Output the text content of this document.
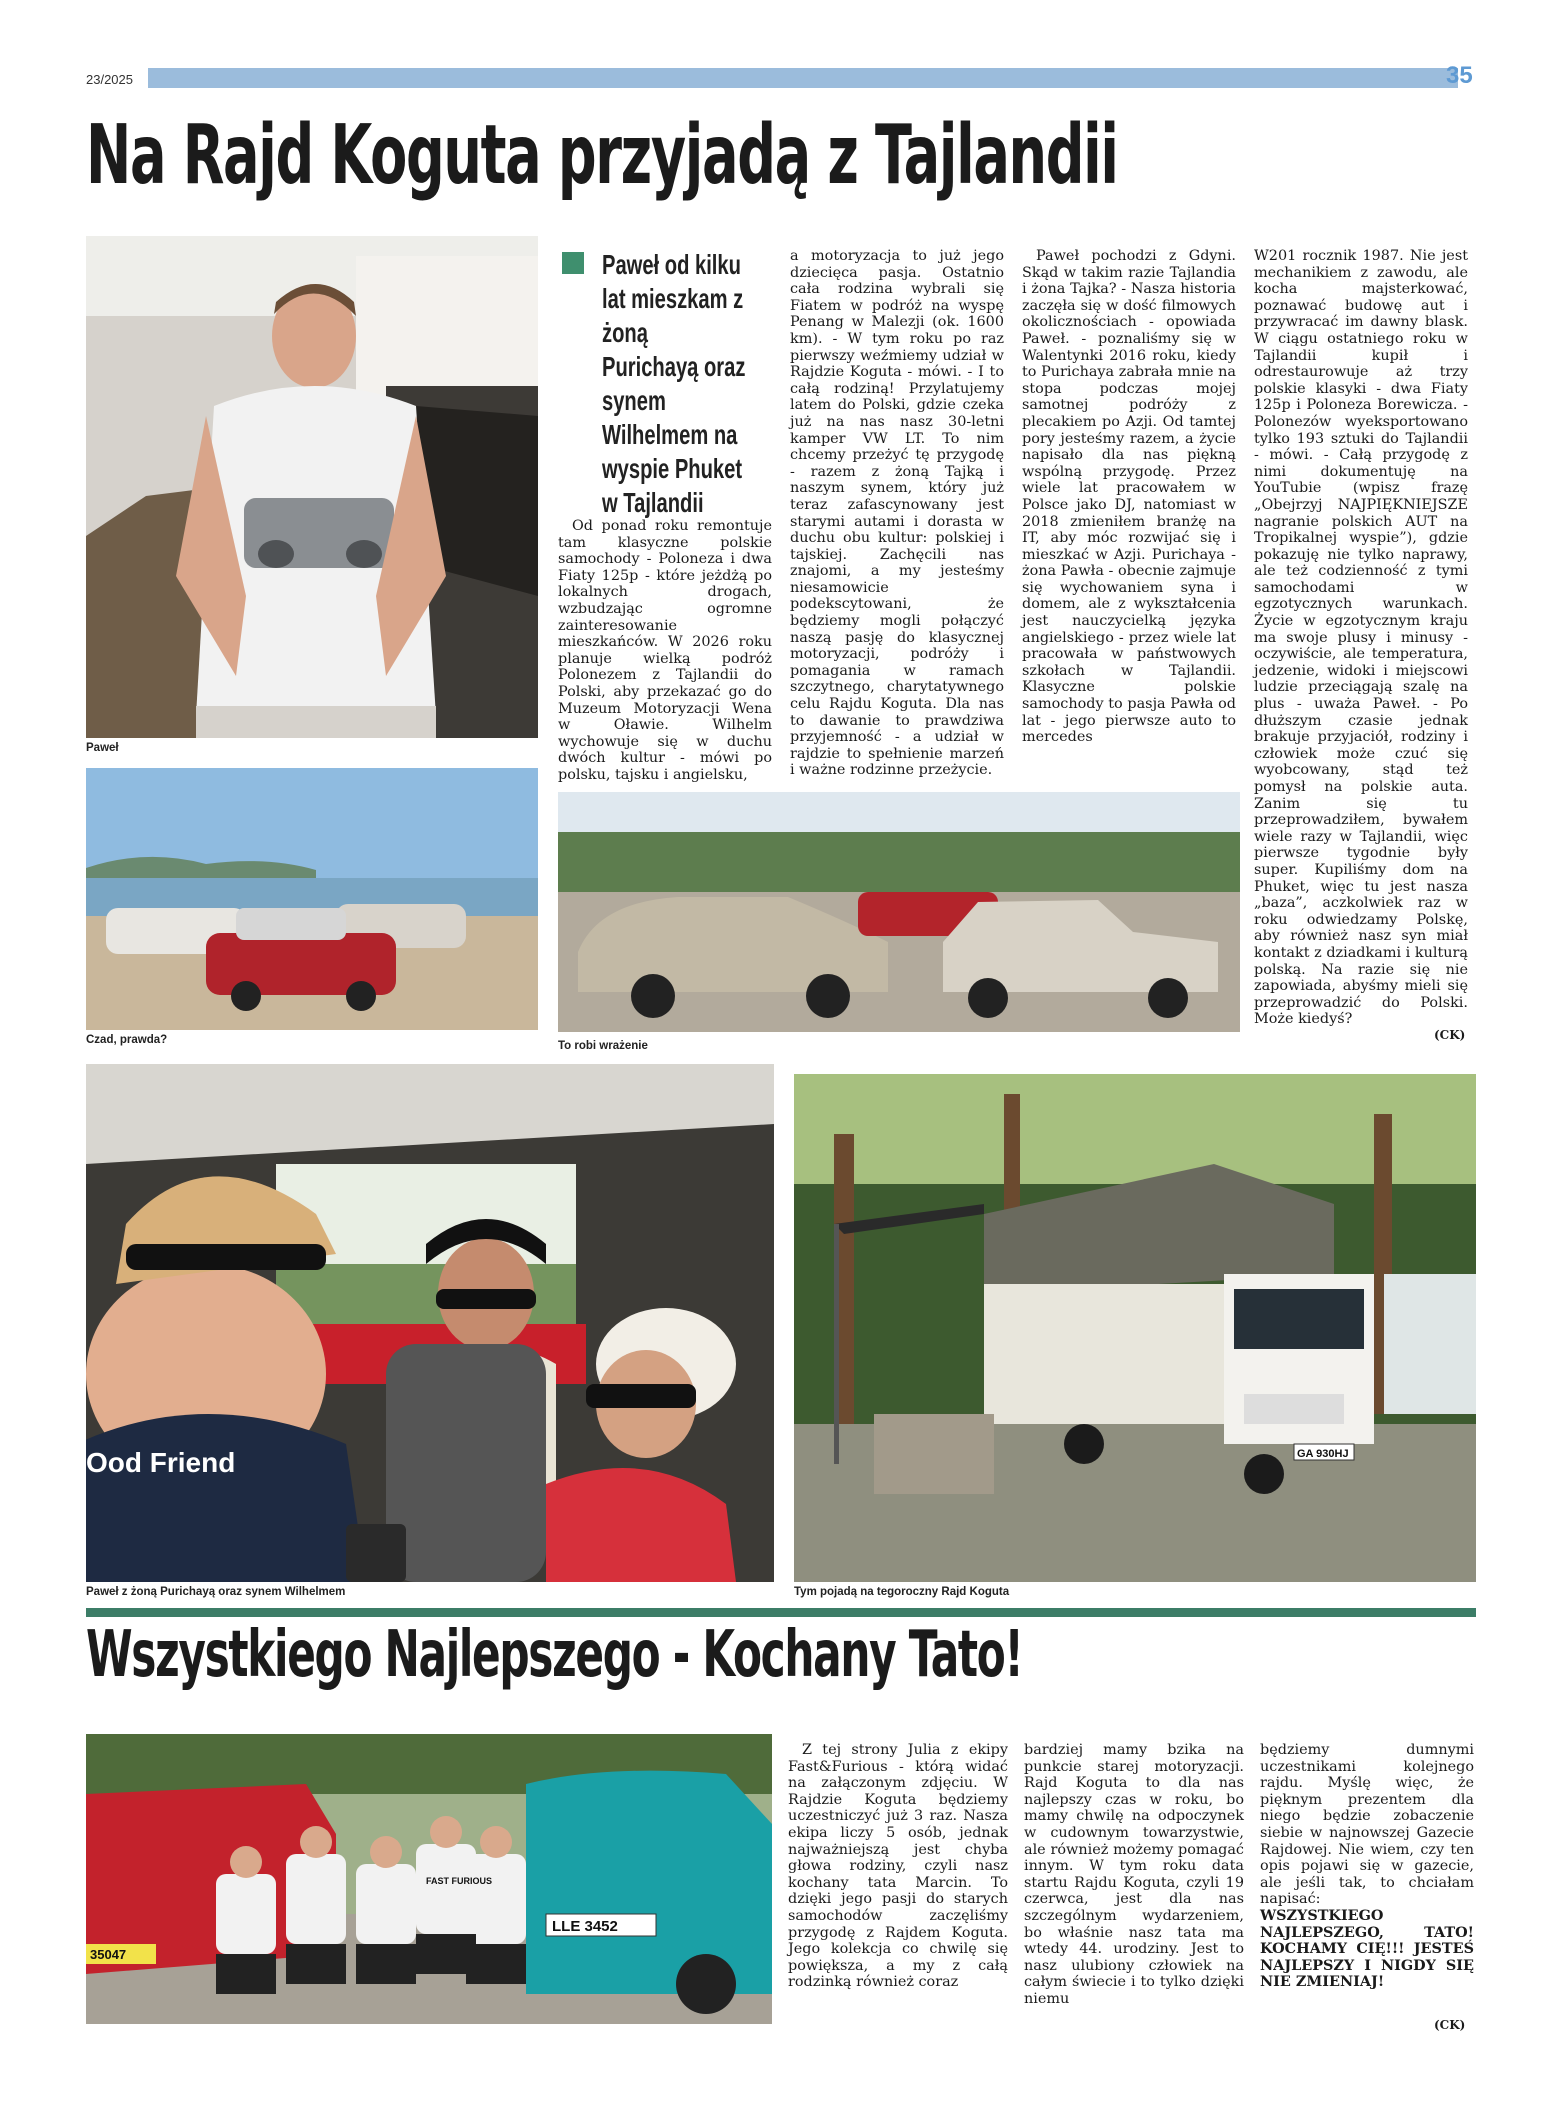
23/2025	35
Na Rajd Koguta przyjadą z Tajlandii
Paweł

Paweł od kilku lat mieszkam z żoną Purichayą oraz synem Wilhelmem na wyspie Phuket w Tajlandii

Od ponad roku remontuje tam klasyczne polskie samochody - Poloneza i dwa Fiaty 125p - które jeżdżą po lokalnych drogach, wzbudzając ogromne zainteresowanie mieszkańców. W 2026 roku planuje wielką podróż Polonezem z Tajlandii do Polski, aby przekazać go do Muzeum Motoryzacji Wena w Oławie. Wilhelm wychowuje się w duchu dwóch kultur - mówi po polsku, tajsku i angielsku,

a motoryzacja to już jego dziecięca pasja. Ostatnio cała rodzina wybrali się Fiatem w podróż na wyspę Penang w Malezji (ok. 1600 km). - W tym roku po raz pierwszy weźmiemy udział w Rajdzie Koguta - mówi. - I to całą rodziną! Przylatujemy latem do Polski, gdzie czeka już na nas nasz 30-letni kamper VW LT. To nim chcemy przeżyć tę przygodę - razem z żoną Tajką i naszym synem, który już teraz zafascynowany jest starymi autami i dorasta w duchu obu kultur: polskiej i tajskiej. Zachęcili nas znajomi, a my jesteśmy niesamowicie podekscytowani, że będziemy mogli połączyć naszą pasję do klasycznej motoryzacji, podróży i pomagania w ramach szczytnego, charytatywnego celu Rajdu Koguta. Dla nas to dawanie to prawdziwa przyjemność - a udział w rajdzie to spełnienie marzeń i ważne rodzinne przeżycie.

Paweł pochodzi z Gdyni. Skąd w takim razie Tajlandia i żona Tajka? - Nasza historia zaczęła się w dość filmowych okolicznościach - opowiada Paweł. - poznaliśmy się w Walentynki 2016 roku, kiedy to Purichaya zabrała mnie na stopa podczas mojej samotnej podróży z plecakiem po Azji. Od tamtej pory jesteśmy razem, a życie napisało dla nas piękną wspólną przygodę. Przez wiele lat pracowałem w Polsce jako DJ, natomiast w 2018 zmieniłem branżę na IT, aby móc rozwijać się i mieszkać w Azji. Purichaya - żona Pawła - obecnie zajmuje się wychowaniem syna i domem, ale z wykształcenia jest nauczycielką języka angielskiego - przez wiele lat pracowała w państwowych szkołach w Tajlandii. Klasyczne polskie samochody to pasja Pawła od lat - jego pierwsze auto to mercedes

W201 rocznik 1987. Nie jest mechanikiem z zawodu, ale kocha majsterkować, poznawać budowę aut i przywracać im dawny blask. W ciągu ostatniego roku w Tajlandii kupił i odrestaurowuje aż trzy polskie klasyki - dwa Fiaty 125p i Poloneza Borewicza. - Polonezów wyeksportowano tylko 193 sztuki do Tajlandii - mówi. - Całą przygodę z nimi dokumentuję na YouTubie (wpisz frazę „Obejrzyj NAJPIĘKNIEJSZE nagranie polskich AUT na Tropikalnej wyspie”), gdzie pokazuję nie tylko naprawy, ale też codzienność z tymi samochodami w egzotycznych warunkach. Życie w egzotycznym kraju ma swoje plusy i minusy - oczywiście, ale temperatura, jedzenie, widoki i miejscowi ludzie przeciągają szalę na plus - uważa Paweł. - Po dłuższym czasie jednak brakuje przyjaciół, rodziny i człowiek może czuć się wyobcowany, stąd też pomysł na polskie auta. Zanim się tu przeprowadziłem, bywałem wiele razy w Tajlandii, więc pierwsze tygodnie były super. Kupiliśmy dom na Phuket, więc tu jest nasza „baza”, aczkolwiek raz w roku odwiedzamy Polskę, aby również nasz syn miał kontakt z dziadkami i kulturą polską. Na razie się nie zapowiada, abyśmy mieli się przeprowadzić do Polski. Może kiedyś?

(CK)
Czad, prawda?	To robi wrażenie
Ood Friend
Paweł z żoną Purichayą oraz synem Wilhelmem
GA 930HJ
Tym pojadą na tegoroczny Rajd Koguta
Wszystkiego Najlepszego - Kochany Tato!
35047
LLE 3452
FAST FURIOUS

Z tej strony Julia z ekipy Fast&Furious - którą widać na załączonym zdjęciu. W Rajdzie Koguta będziemy uczestniczyć już 3 raz. Nasza ekipa liczy 5 osób, jednak najważniejszą jest chyba głowa rodziny, czyli nasz kochany tata Marcin. To dzięki jego pasji do starych samochodów zaczęliśmy przygodę z Rajdem Koguta. Jego kolekcja co chwilę się powiększa, a my z całą rodzinką również coraz

bardziej mamy bzika na punkcie starej motoryzacji. Rajd Koguta to dla nas najlepszy czas w roku, bo mamy chwilę na odpoczynek w cudownym towarzystwie, ale również możemy pomagać innym. W tym roku data startu Rajdu Koguta, czyli 19 czerwca, jest dla nas szczególnym wydarzeniem, bo właśnie nasz tata ma wtedy 44. urodziny. Jest to nasz ulubiony człowiek na całym świecie i to tylko dzięki niemu

będziemy dumnymi uczestnikami kolejnego rajdu. Myślę więc, że pięknym prezentem dla niego będzie zobaczenie siebie w najnowszej Gazecie Rajdowej. Nie wiem, czy ten opis pojawi się w gazecie, ale jeśli tak, to chciałam napisać:

WSZYSTKIEGO NAJLEPSZEGO, TATO! KOCHAMY CIĘ!!! JESTEŚ NAJLEPSZY I NIGDY SIĘ NIE ZMIENIAJ!

(CK)
